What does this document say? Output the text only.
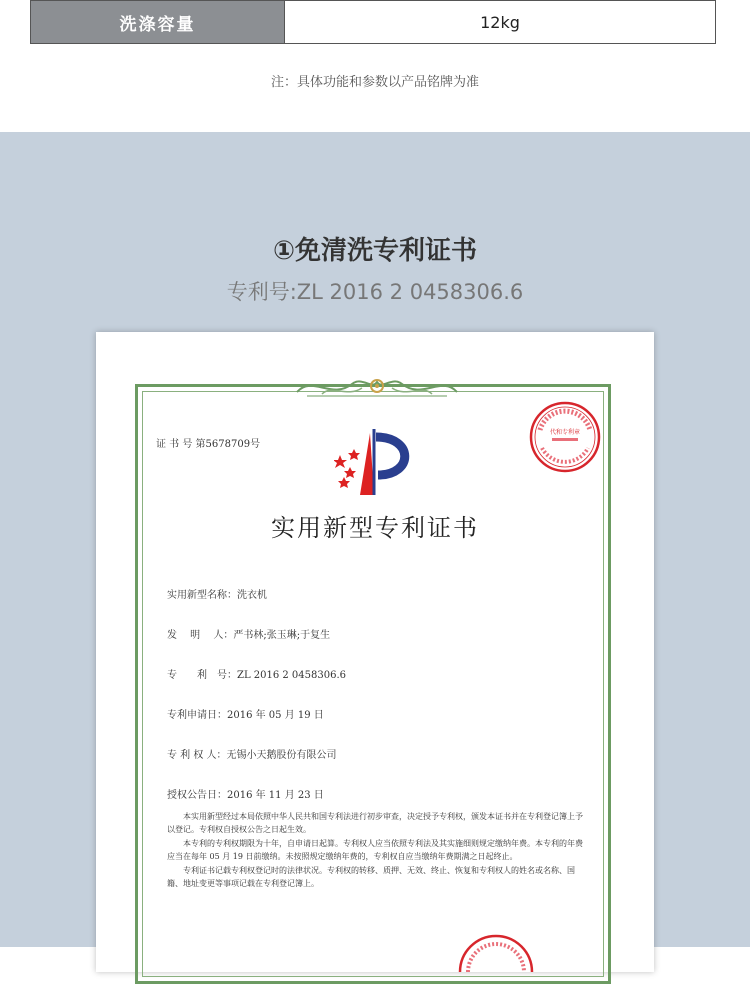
洗涤容量	12kg
注：具体功能和参数以产品铭牌为准
①免清洗专利证书
专利号:ZL 2016 2 0458306.6
证 书 号 第5678709号
代和专利章
实用新型专利证书
实用新型名称：洗衣机
发　 明　 人：严书林;张玉琳;于复生
专　　利　号：ZL 2016 2 0458306.6
专利申请日：2016 年 05 月 19 日
专 利 权 人：无锡小天鹅股份有限公司
授权公告日：2016 年 11 月 23 日

本实用新型经过本局依照中华人民共和国专利法进行初步审查，决定授予专利权，颁发本证书并在专利登记簿上予以登记。专利权自授权公告之日起生效。

本专利的专利权期限为十年，自申请日起算。专利权人应当依照专利法及其实施细则规定缴纳年费。本专利的年费应当在每年 05 月 19 日前缴纳。未按照规定缴纳年费的，专利权自应当缴纳年费期满之日起终止。

专利证书记载专利权登记时的法律状况。专利权的转移、质押、无效、终止、恢复和专利权人的姓名或名称、国籍、地址变更等事项记载在专利登记簿上。
